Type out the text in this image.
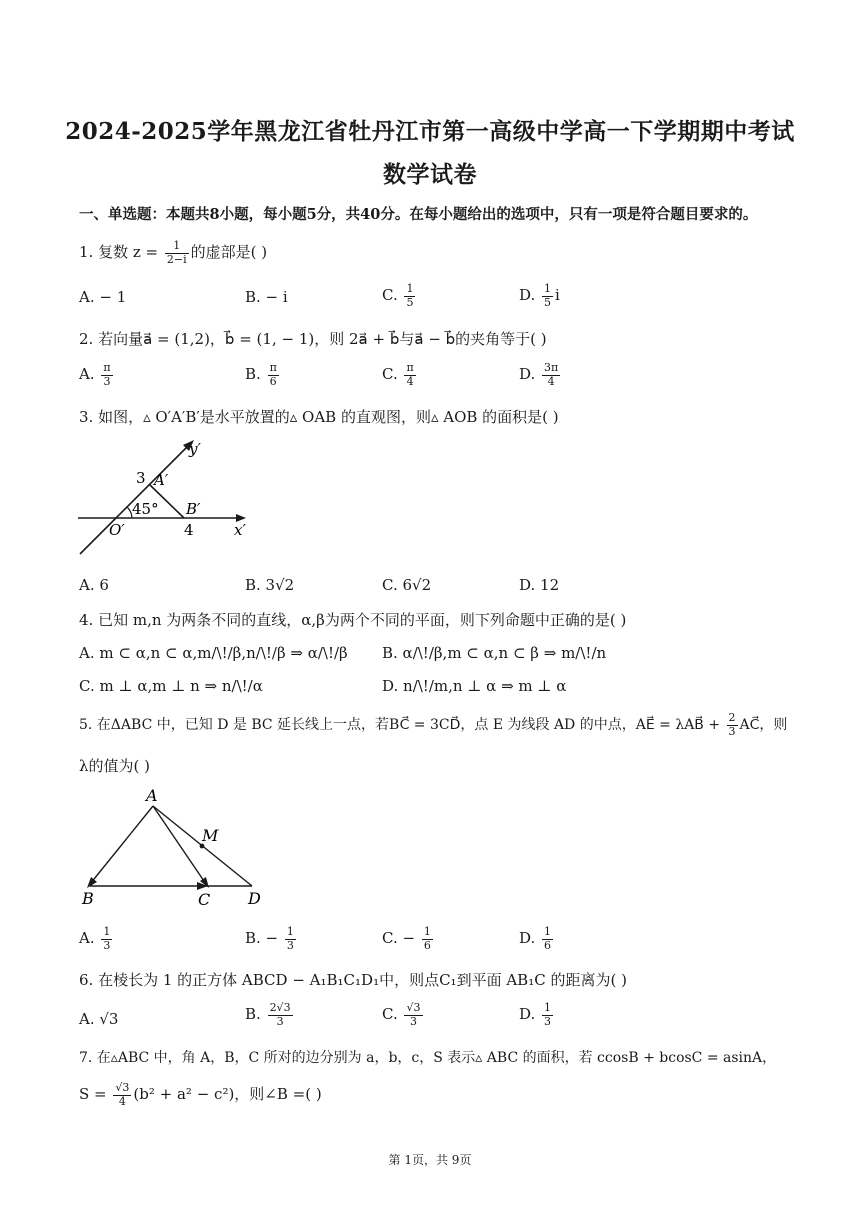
2024-2025学年黑龙江省牡丹江市第一高级中学高一下学期期中考试
数学试卷
一、单选题：本题共8小题，每小题5分，共40分。在每小题给出的选项中，只有一项是符合题目要求的。
1. 复数 $z = \frac{1}{2-i}$ 的虚部是( )
A. − 1	B. − i	C. $\frac{1}{5}$	D. $\frac{1}{5}$ i
2. 若向量a⃗ = (1,2)，b⃗ = (1, − 1)，则 2a⃗ + b⃗与a⃗ − b⃗的夹角等于( )
A. $\frac{\pi}{3}$	B. $\frac{\pi}{6}$	C. $\frac{\pi}{4}$	D. $\frac{3\pi}{4}$
3. 如图，▵ O′A′B′是水平放置的▵ OAB 的直观图，则▵ AOB 的面积是( )
y′
x′
O′
A′
B′
3
4
45°
A. 6	B. 3√2	C. 6√2	D. 12
4. 已知 m,n 为两条不同的直线，α,β为两个不同的平面，则下列命题中正确的是( )
A. m ⊂ α,n ⊂ α,m/\!/β,n/\!/β ⇒ α/\!/β B. α/\!/β,m ⊂ α,n ⊂ β ⇒ m/\!/n
C. m ⊥ α,m ⊥ n ⇒ n/\!/α	D. n/\!/m,n ⊥ α ⇒ m ⊥ α
5. 在ΔABC 中，已知 D 是 BC 延长线上一点，若BC⃗ = 3CD⃗，点 E 为线段 AD 的中点，AE⃗ = λAB⃗ + $\frac{2}{3}$ AC⃗，则
λ的值为( )
A
B	C D
M
A. $\frac{1}{3}$	B. − $\frac{1}{3}$	C. − $\frac{1}{6}$	D. $\frac{1}{6}$
6. 在棱长为 1 的正方体 ABCD − A₁B₁C₁D₁中，则点C₁到平面 AB₁C 的距离为( )
A. √3	B. $\frac{2√3}{3}$	C. $\frac{√3}{3}$	D. $\frac{1}{3}$
7. 在▵ABC 中，角 A，B，C 所对的边分别为 a，b，c，S 表示▵ ABC 的面积，若 ccosB + bcosC = asinA，
$S = \frac{√3}{4} (b^2 + a^2 - c^2)$，则∠B =( )
第 1页，共 9页
